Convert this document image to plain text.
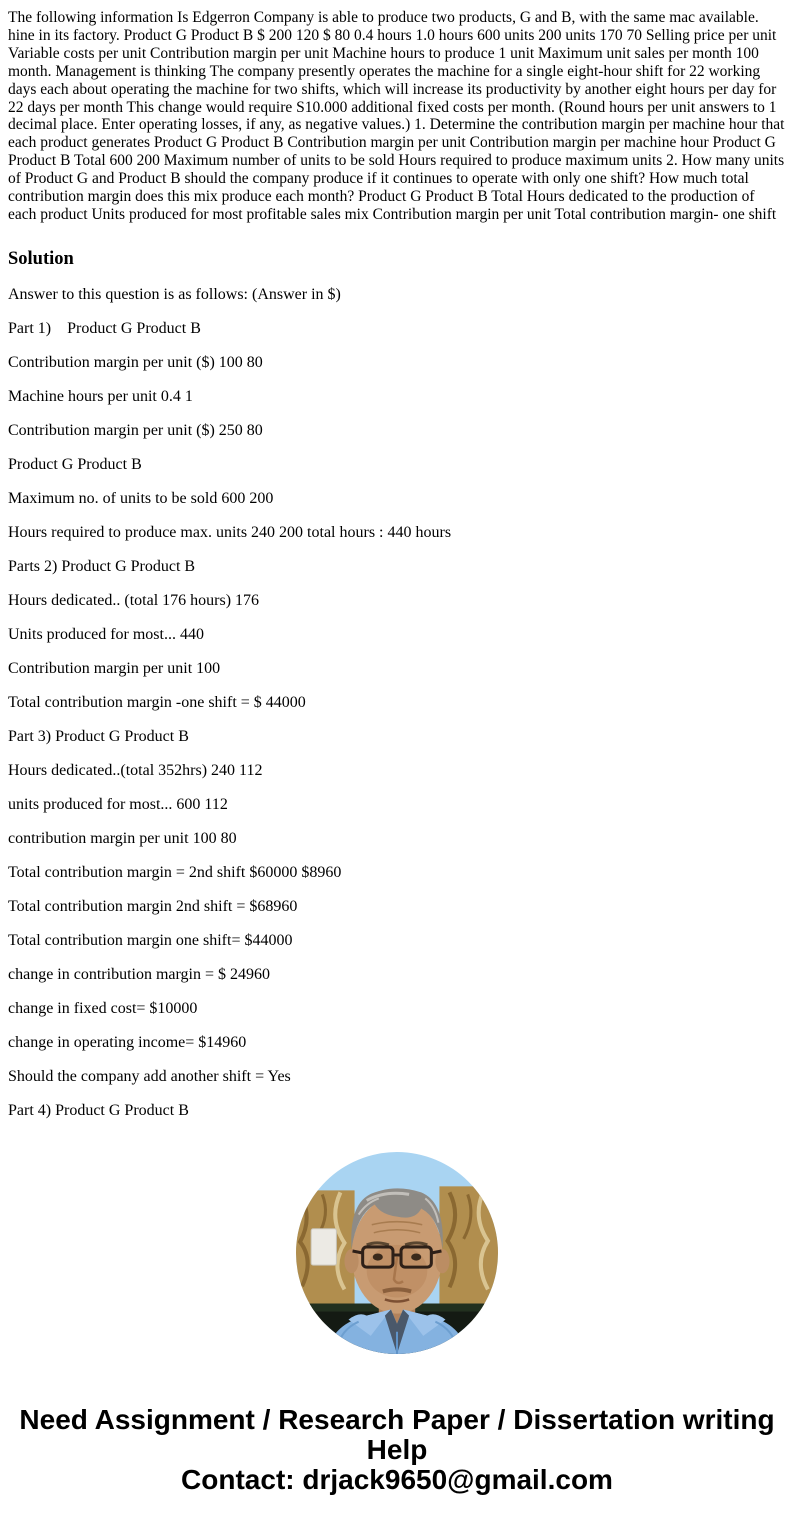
The following information Is Edgerron Company is able to produce two products, G and B, with the same mac available. hine in its factory. Product G Product B $ 200 120 $ 80 0.4 hours 1.0 hours 600 units 200 units 170 70 Selling price per unit Variable costs per unit Contribution margin per unit Machine hours to produce 1 unit Maximum unit sales per month 100 month. Management is thinking The company presently operates the machine for a single eight-hour shift for 22 working days each about operating the machine for two shifts, which will increase its productivity by another eight hours per day for 22 days per month This change would require S10.000 additional fixed costs per month. (Round hours per unit answers to 1 decimal place. Enter operating losses, if any, as negative values.) 1. Determine the contribution margin per machine hour that each product generates Product G Product B Contribution margin per unit Contribution margin per machine hour Product G Product B Total 600 200 Maximum number of units to be sold Hours required to produce maximum units 2. How many units of Product G and Product B should the company produce if it continues to operate with only one shift? How much total contribution margin does this mix produce each month? Product G Product B Total Hours dedicated to the production of each product Units produced for most profitable sales mix Contribution margin per unit Total contribution margin- one shift

Solution

Answer to this question is as follows: (Answer in $)

Part 1)    Product G Product B

Contribution margin per unit ($) 100 80

Machine hours per unit 0.4 1

Contribution margin per unit ($) 250 80

Product G Product B

Maximum no. of units to be sold 600 200

Hours required to produce max. units 240 200 total hours : 440 hours

Parts 2) Product G Product B

Hours dedicated.. (total 176 hours) 176

Units produced for most... 440

Contribution margin per unit 100

Total contribution margin -one shift = $ 44000

Part 3) Product G Product B

Hours dedicated..(total 352hrs) 240 112

units produced for most... 600 112

contribution margin per unit 100 80

Total contribution margin = 2nd shift $60000 $8960

Total contribution margin 2nd shift = $68960

Total contribution margin one shift= $44000

change in contribution margin = $ 24960

change in fixed cost= $10000

change in operating income= $14960

Should the company add another shift = Yes

Part 4) Product G Product B

Need Assignment / Research Paper / Dissertation writing Help
Contact: drjack9650@gmail.com
